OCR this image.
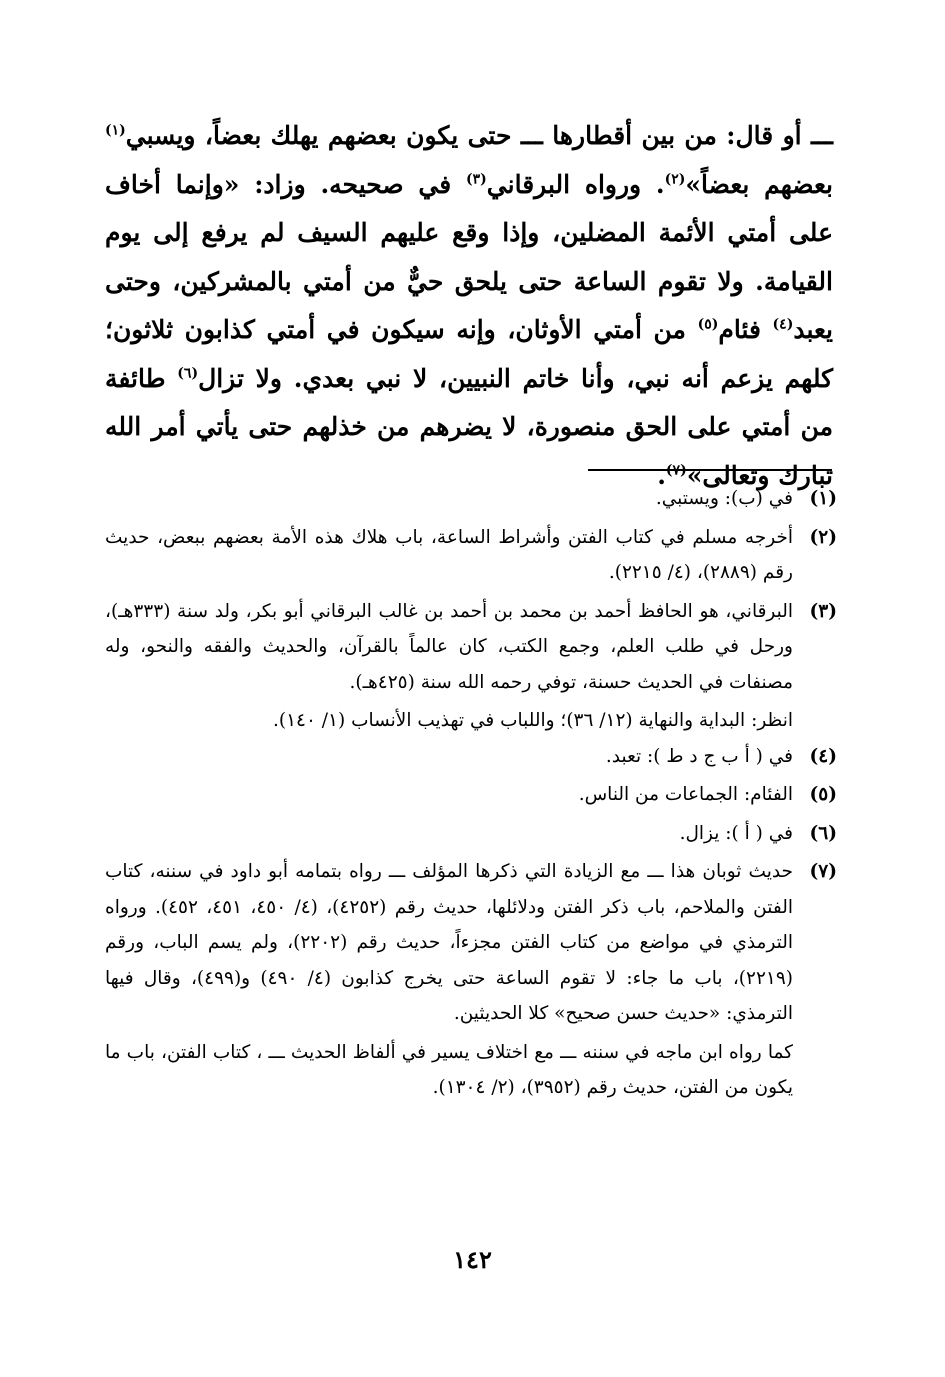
ـــ أو قال: من بين أقطارها ـــ حتى يكون بعضهم يهلك بعضاً، ويسبي$^{(١)}$ بعضهم بعضاً»$^{(٢)}$. ورواه البرقاني$^{(٣)}$ في صحيحه. وزاد: «وإنما أخاف على أمتي الأئمة المضلين، وإذا وقع عليهم السيف لم يرفع إلى يوم القيامة. ولا تقوم الساعة حتى يلحق حيٌّ من أمتي بالمشركين، وحتى يعبد$^{(٤)}$ فئام$^{(٥)}$ من أمتي الأوثان، وإنه سيكون في أمتي كذابون ثلاثون؛ كلهم يزعم أنه نبي، وأنا خاتم النبيين، لا نبي بعدي. ولا تزال$^{(٦)}$ طائفة من أمتي على الحق منصورة، لا يضرهم من خذلهم حتى يأتي أمر الله تبارك وتعالى»$^{(٧)}$.

(١)

في (ب): ويستبي.

(٢)

أخرجه مسلم في كتاب الفتن وأشراط الساعة، باب هلاك هذه الأمة بعضهم ببعض، حديث رقم (٢٨٨٩)، (٤/ ٢٢١٥).

(٣)

البرقاني، هو الحافظ أحمد بن محمد بن أحمد بن غالب البرقاني أبو بكر، ولد سنة (٣٣٣هـ)، ورحل في طلب العلم، وجمع الكتب، كان عالماً بالقرآن، والحديث والفقه والنحو، وله مصنفات في الحديث حسنة، توفي رحمه الله سنة (٤٢٥هـ).

انظر: البداية والنهاية (١٢/ ٣٦)؛ واللباب في تهذيب الأنساب (١/ ١٤٠).
(٤)

في ( أ ب ج د ط ): تعبد.

(٥)

الفئام: الجماعات من الناس.

(٦)

في ( أ ): يزال.

(٧)

حديث ثوبان هذا ـــ مع الزيادة التي ذكرها المؤلف ـــ رواه بتمامه أبو داود في سننه، كتاب الفتن والملاحم، باب ذكر الفتن ودلائلها، حديث رقم (٤٢٥٢)، (٤/ ٤٥٠، ٤٥١، ٤٥٢). ورواه الترمذي في مواضع من كتاب الفتن مجزءاً، حديث رقم (٢٢٠٢)، ولم يسم الباب، ورقم (٢٢١٩)، باب ما جاء: لا تقوم الساعة حتى يخرج كذابون (٤/ ٤٩٠) و(٤٩٩)، وقال فيها الترمذي: «حديث حسن صحيح» كلا الحديثين.

كما رواه ابن ماجه في سننه ـــ مع اختلاف يسير في ألفاظ الحديث ـــ ، كتاب الفتن، باب ما يكون من الفتن، حديث رقم (٣٩٥٢)، (٢/ ١٣٠٤).
١٤٢
